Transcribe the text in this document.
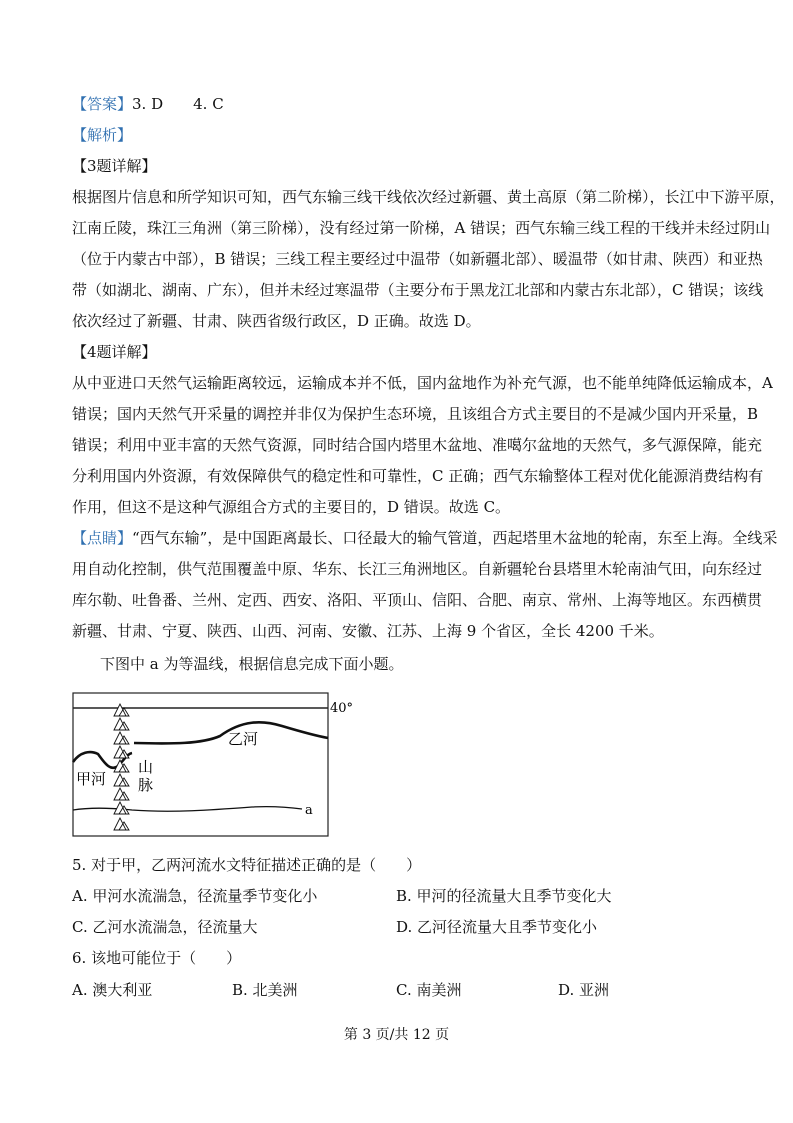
【答案】3. D　　4. C
【解析】
【3题详解】
根据图片信息和所学知识可知，西气东输三线干线依次经过新疆、黄土高原（第二阶梯），长江中下游平原，
江南丘陵，珠江三角洲（第三阶梯），没有经过第一阶梯，A 错误；西气东输三线工程的干线并未经过阴山
（位于内蒙古中部），B 错误；三线工程主要经过中温带（如新疆北部）、暖温带（如甘肃、陕西）和亚热
带（如湖北、湖南、广东），但并未经过寒温带（主要分布于黑龙江北部和内蒙古东北部），C 错误；该线
依次经过了新疆、甘肃、陕西省级行政区，D 正确。故选 D。
【4题详解】
从中亚进口天然气运输距离较远，运输成本并不低，国内盆地作为补充气源，也不能单纯降低运输成本，A
错误；国内天然气开采量的调控并非仅为保护生态环境，且该组合方式主要目的不是减少国内开采量，B
错误；利用中亚丰富的天然气资源，同时结合国内塔里木盆地、准噶尔盆地的天然气，多气源保障，能充
分利用国内外资源，有效保障供气的稳定性和可靠性，C 正确；西气东输整体工程对优化能源消费结构有
作用，但这不是这种气源组合方式的主要目的，D 错误。故选 C。
【点睛】“西气东输”，是中国距离最长、口径最大的输气管道，西起塔里木盆地的轮南，东至上海。全线采
用自动化控制，供气范围覆盖中原、华东、长江三角洲地区。自新疆轮台县塔里木轮南油气田，向东经过
库尔勒、吐鲁番、兰州、定西、西安、洛阳、平顶山、信阳、合肥、南京、常州、上海等地区。东西横贯
新疆、甘肃、宁夏、陕西、山西、河南、安徽、江苏、上海 9 个省区，全长 4200 千米。
下图中 a 为等温线，根据信息完成下面小题。
40°
乙河
甲河
山
脉
a
5. 对于甲，乙两河流水文特征描述正确的是（　　）
A. 甲河水流湍急，径流量季节变化小	B. 甲河的径流量大且季节变化大
C. 乙河水流湍急，径流量大	D. 乙河径流量大且季节变化小
6. 该地可能位于（　　）
A. 澳大利亚	B. 北美洲	C. 南美洲	D. 亚洲
第 3 页/共 12 页
